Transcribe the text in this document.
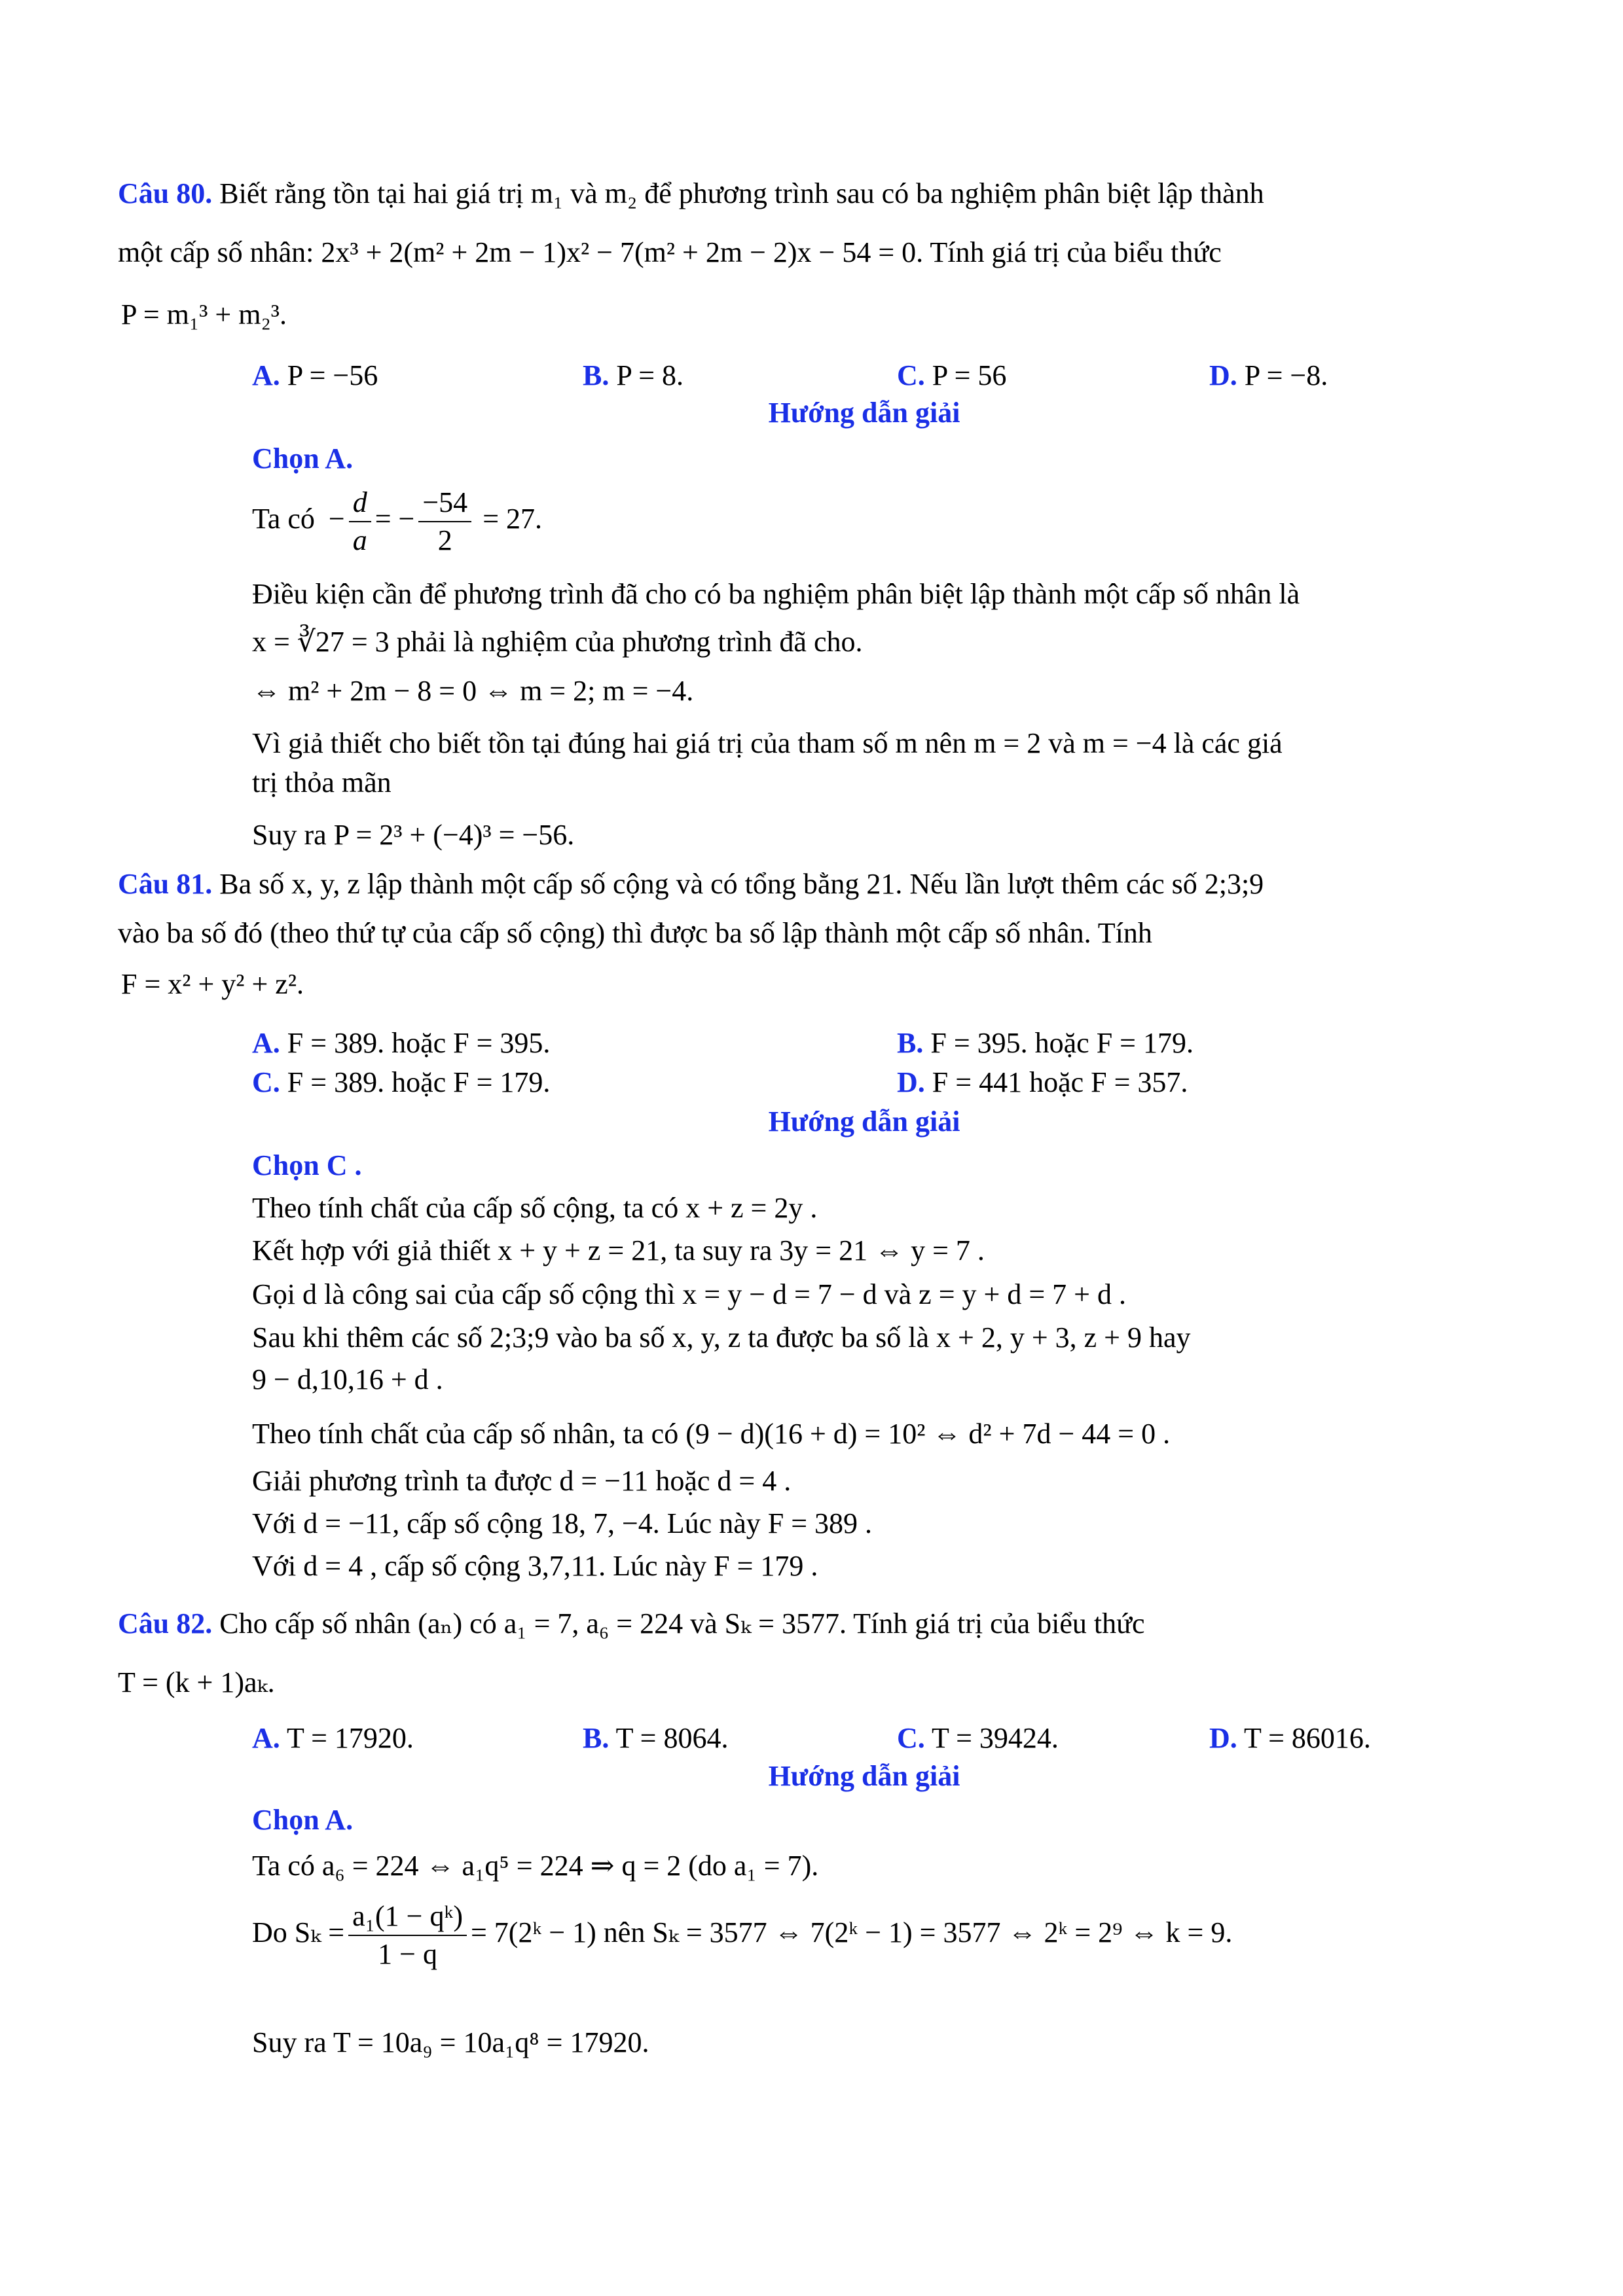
Câu 80. Biết rằng tồn tại hai giá trị m₁ và m₂ để phương trình sau có ba nghiệm phân biệt lập thành
một cấp số nhân: 2x³ + 2(m² + 2m − 1)x² − 7(m² + 2m − 2)x − 54 = 0. Tính giá trị của biểu thức
P = m₁³ + m₂³.
A. P = −56	B. P = 8.	C. P = 56	D. P = −8.
Hướng dẫn giải
Chọn A.
Ta có − $\frac{d}{a}$ = − $\frac{-54}{2} = 27$.
Điều kiện cần để phương trình đã cho có ba nghiệm phân biệt lập thành một cấp số nhân là
x = ∛27 = 3 phải là nghiệm của phương trình đã cho.
⇔ m² + 2m − 8 = 0 ⇔ m = 2; m = −4.
Vì giả thiết cho biết tồn tại đúng hai giá trị của tham số m nên m = 2 và m = −4 là các giá
trị thỏa mãn
Suy ra P = 2³ + (−4)³ = −56.
Câu 81. Ba số x, y, z lập thành một cấp số cộng và có tổng bằng 21. Nếu lần lượt thêm các số 2;3;9
vào ba số đó (theo thứ tự của cấp số cộng) thì được ba số lập thành một cấp số nhân. Tính
F = x² + y² + z².
A. F = 389. hoặc F = 395.	B. F = 395. hoặc F = 179.
C. F = 389. hoặc F = 179.	D. F = 441 hoặc F = 357.
Hướng dẫn giải
Chọn C .
Theo tính chất của cấp số cộng, ta có x + z = 2y .
Kết hợp với giả thiết x + y + z = 21, ta suy ra 3y = 21 ⇔ y = 7 .
Gọi d là công sai của cấp số cộng thì x = y − d = 7 − d và z = y + d = 7 + d .
Sau khi thêm các số 2;3;9 vào ba số x, y, z ta được ba số là x + 2, y + 3, z + 9 hay
9 − d,10,16 + d .
Theo tính chất của cấp số nhân, ta có (9 − d)(16 + d) = 10² ⇔ d² + 7d − 44 = 0 .
Giải phương trình ta được d = −11 hoặc d = 4 .
Với d = −11, cấp số cộng 18, 7, −4. Lúc này F = 389 .
Với d = 4 , cấp số cộng 3,7,11. Lúc này F = 179 .
Câu 82. Cho cấp số nhân (aₙ) có a₁ = 7, a₆ = 224 và Sₖ = 3577. Tính giá trị của biểu thức
T = (k + 1)aₖ.
A. T = 17920.	B. T = 8064.	C. T = 39424.	D. T = 86016.
Hướng dẫn giải
Chọn A.
Ta có a₆ = 224 ⇔ a₁q⁵ = 224 ⇒ q = 2 (do a₁ = 7).
Do $S_k = \frac{\text{a₁(1 − qᵏ)}}{1 - q}$ = 7(2ᵏ − 1) nên Sₖ = 3577 ⇔ 7(2ᵏ − 1) = 3577 ⇔ 2ᵏ = 2⁹ ⇔ k = 9.
Suy ra T = 10a₉ = 10a₁q⁸ = 17920.
